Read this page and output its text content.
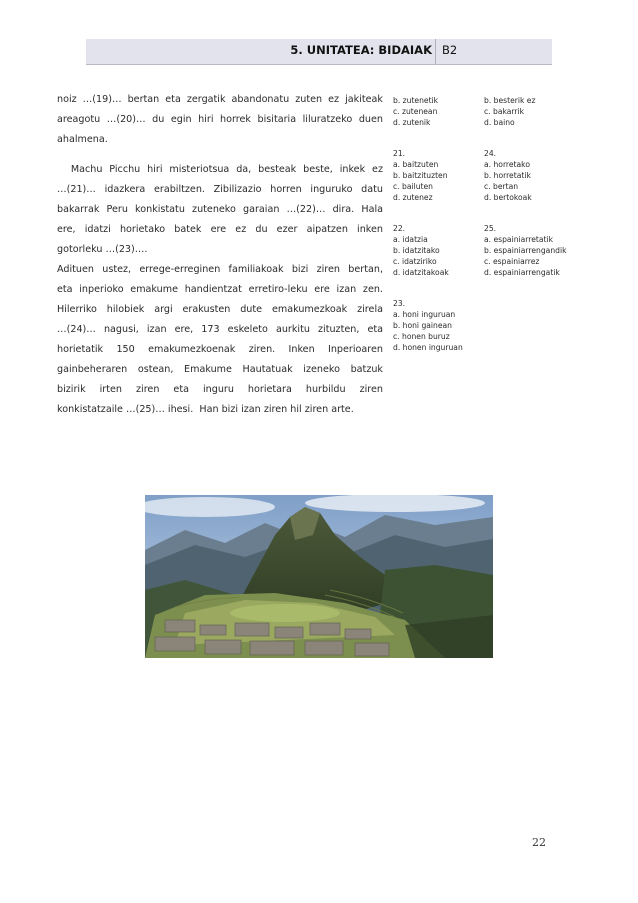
5. UNITATEA: BIDAIAK B2

noiz …(19)… bertan eta zergatik abandonatu zuten ez jakiteak

areagotu …(20)… du egin hiri horrek bisitaria liluratzeko duen

ahalmena.

Machu Picchu hiri misteriotsua da, besteak beste, inkek ez

…(21)… idazkera erabiltzen. Zibilizazio horren inguruko datu

bakarrak Peru konkistatu zuteneko garaian …(22)… dira. Hala

ere, idatzi horietako batek ere ez du ezer aipatzen inken

gotorleku …(23)….

Adituen ustez, errege-erreginen familiakoak bizi ziren bertan,

eta inperioko emakume handientzat erretiro-leku ere izan zen.

Hilerriko hilobiek argi erakusten dute emakumezkoak zirela

…(24)… nagusi, izan ere, 173 eskeleto aurkitu zituzten, eta

horietatik 150 emakumezkoenak ziren. Inken Inperioaren

gainbeheraren ostean, Emakume Hautatuak izeneko batzuk

bizirik irten ziren eta inguru horietara hurbildu ziren

konkistatzaile …(25)… ihesi.  Han bizi izan ziren hil ziren arte.

b. zutenetik
c. zutenean
d. zutenik
21.
a. baitzuten
b. baitzituzten
c. bailuten
d. zutenez
22.
a. idatzia
b. idatzitako
c. idatziriko
d. idatzitakoak
23.
a. honi inguruan
b. honi gainean
c. honen buruz
d. honen inguruan
b. besterik ez
c. bakarrik
d. baino
24.
a. horretako
b. horretatik
c. bertan
d. bertokoak
25.
a. espainiarretatik
b. espainiarrengandik
c. espainiarrez
d. espainiarrengatik
22
